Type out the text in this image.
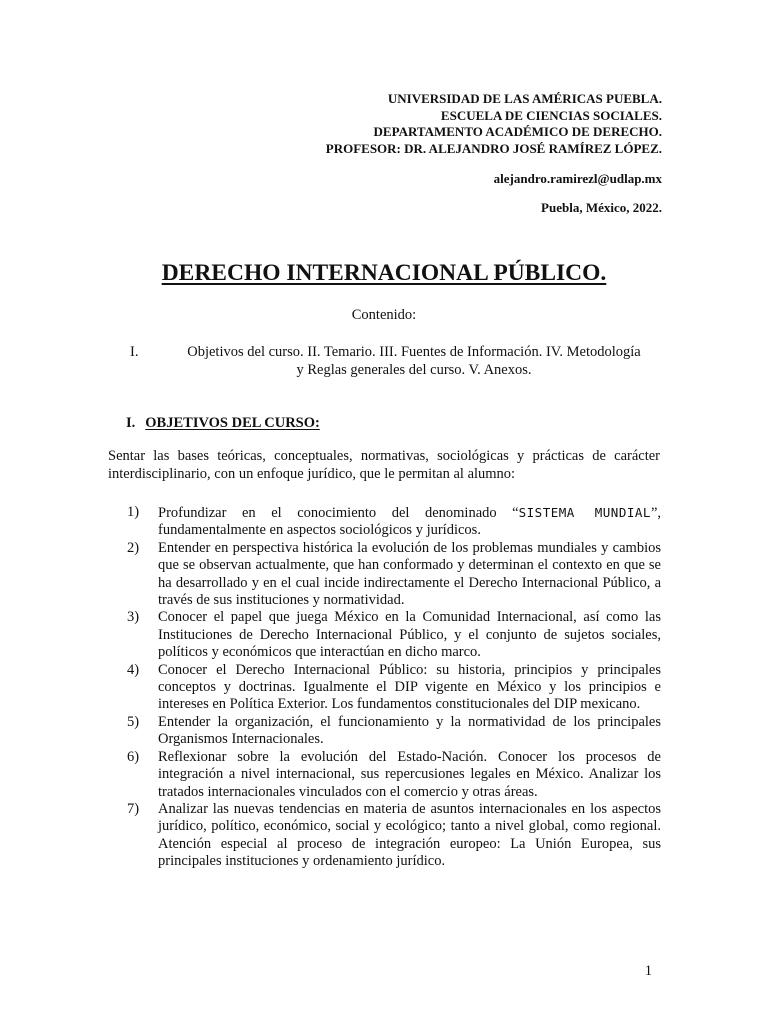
UNIVERSIDAD DE LAS AMÉRICAS PUEBLA.
ESCUELA DE CIENCIAS SOCIALES.
DEPARTAMENTO ACADÉMICO DE DERECHO.
PROFESOR: DR. ALEJANDRO JOSÉ RAMÍREZ LÓPEZ.
alejandro.ramirezl@udlap.mx
Puebla, México, 2022.
DERECHO INTERNACIONAL PÚBLICO.
Contenido:
I.	Objetivos del curso. II. Temario. III. Fuentes de Información. IV. Metodología
y Reglas generales del curso. V. Anexos.
I. OBJETIVOS DEL CURSO:

Sentar las bases teóricas, conceptuales, normativas, sociológicas y prácticas de carácter interdisciplinario, con un enfoque jurídico, que le permitan al alumno:

1) Profundizar en el conocimiento del denominado “SISTEMA MUNDIAL”, fundamentalmente en aspectos sociológicos y jurídicos.
2) Entender en perspectiva histórica la evolución de los problemas mundiales y cambios que se observan actualmente, que han conformado y determinan el contexto en que se ha desarrollado y en el cual incide indirectamente el Derecho Internacional Público, a través de sus instituciones y normatividad.
3) Conocer el papel que juega México en la Comunidad Internacional, así como las Instituciones de Derecho Internacional Público, y el conjunto de sujetos sociales, políticos y económicos que interactúan en dicho marco.
4) Conocer el Derecho Internacional Público: su historia, principios y principales conceptos y doctrinas. Igualmente el DIP vigente en México y los principios e intereses en Política Exterior. Los fundamentos constitucionales del DIP mexicano.
5) Entender la organización, el funcionamiento y la normatividad de los principales Organismos Internacionales.
6) Reflexionar sobre la evolución del Estado-Nación. Conocer los procesos de integración a nivel internacional, sus repercusiones legales en México. Analizar los tratados internacionales vinculados con el comercio y otras áreas.
7) Analizar las nuevas tendencias en materia de asuntos internacionales en los aspectos jurídico, político, económico, social y ecológico; tanto a nivel global, como regional. Atención especial al proceso de integración europeo: La Unión Europea, sus principales instituciones y ordenamiento jurídico.
1
